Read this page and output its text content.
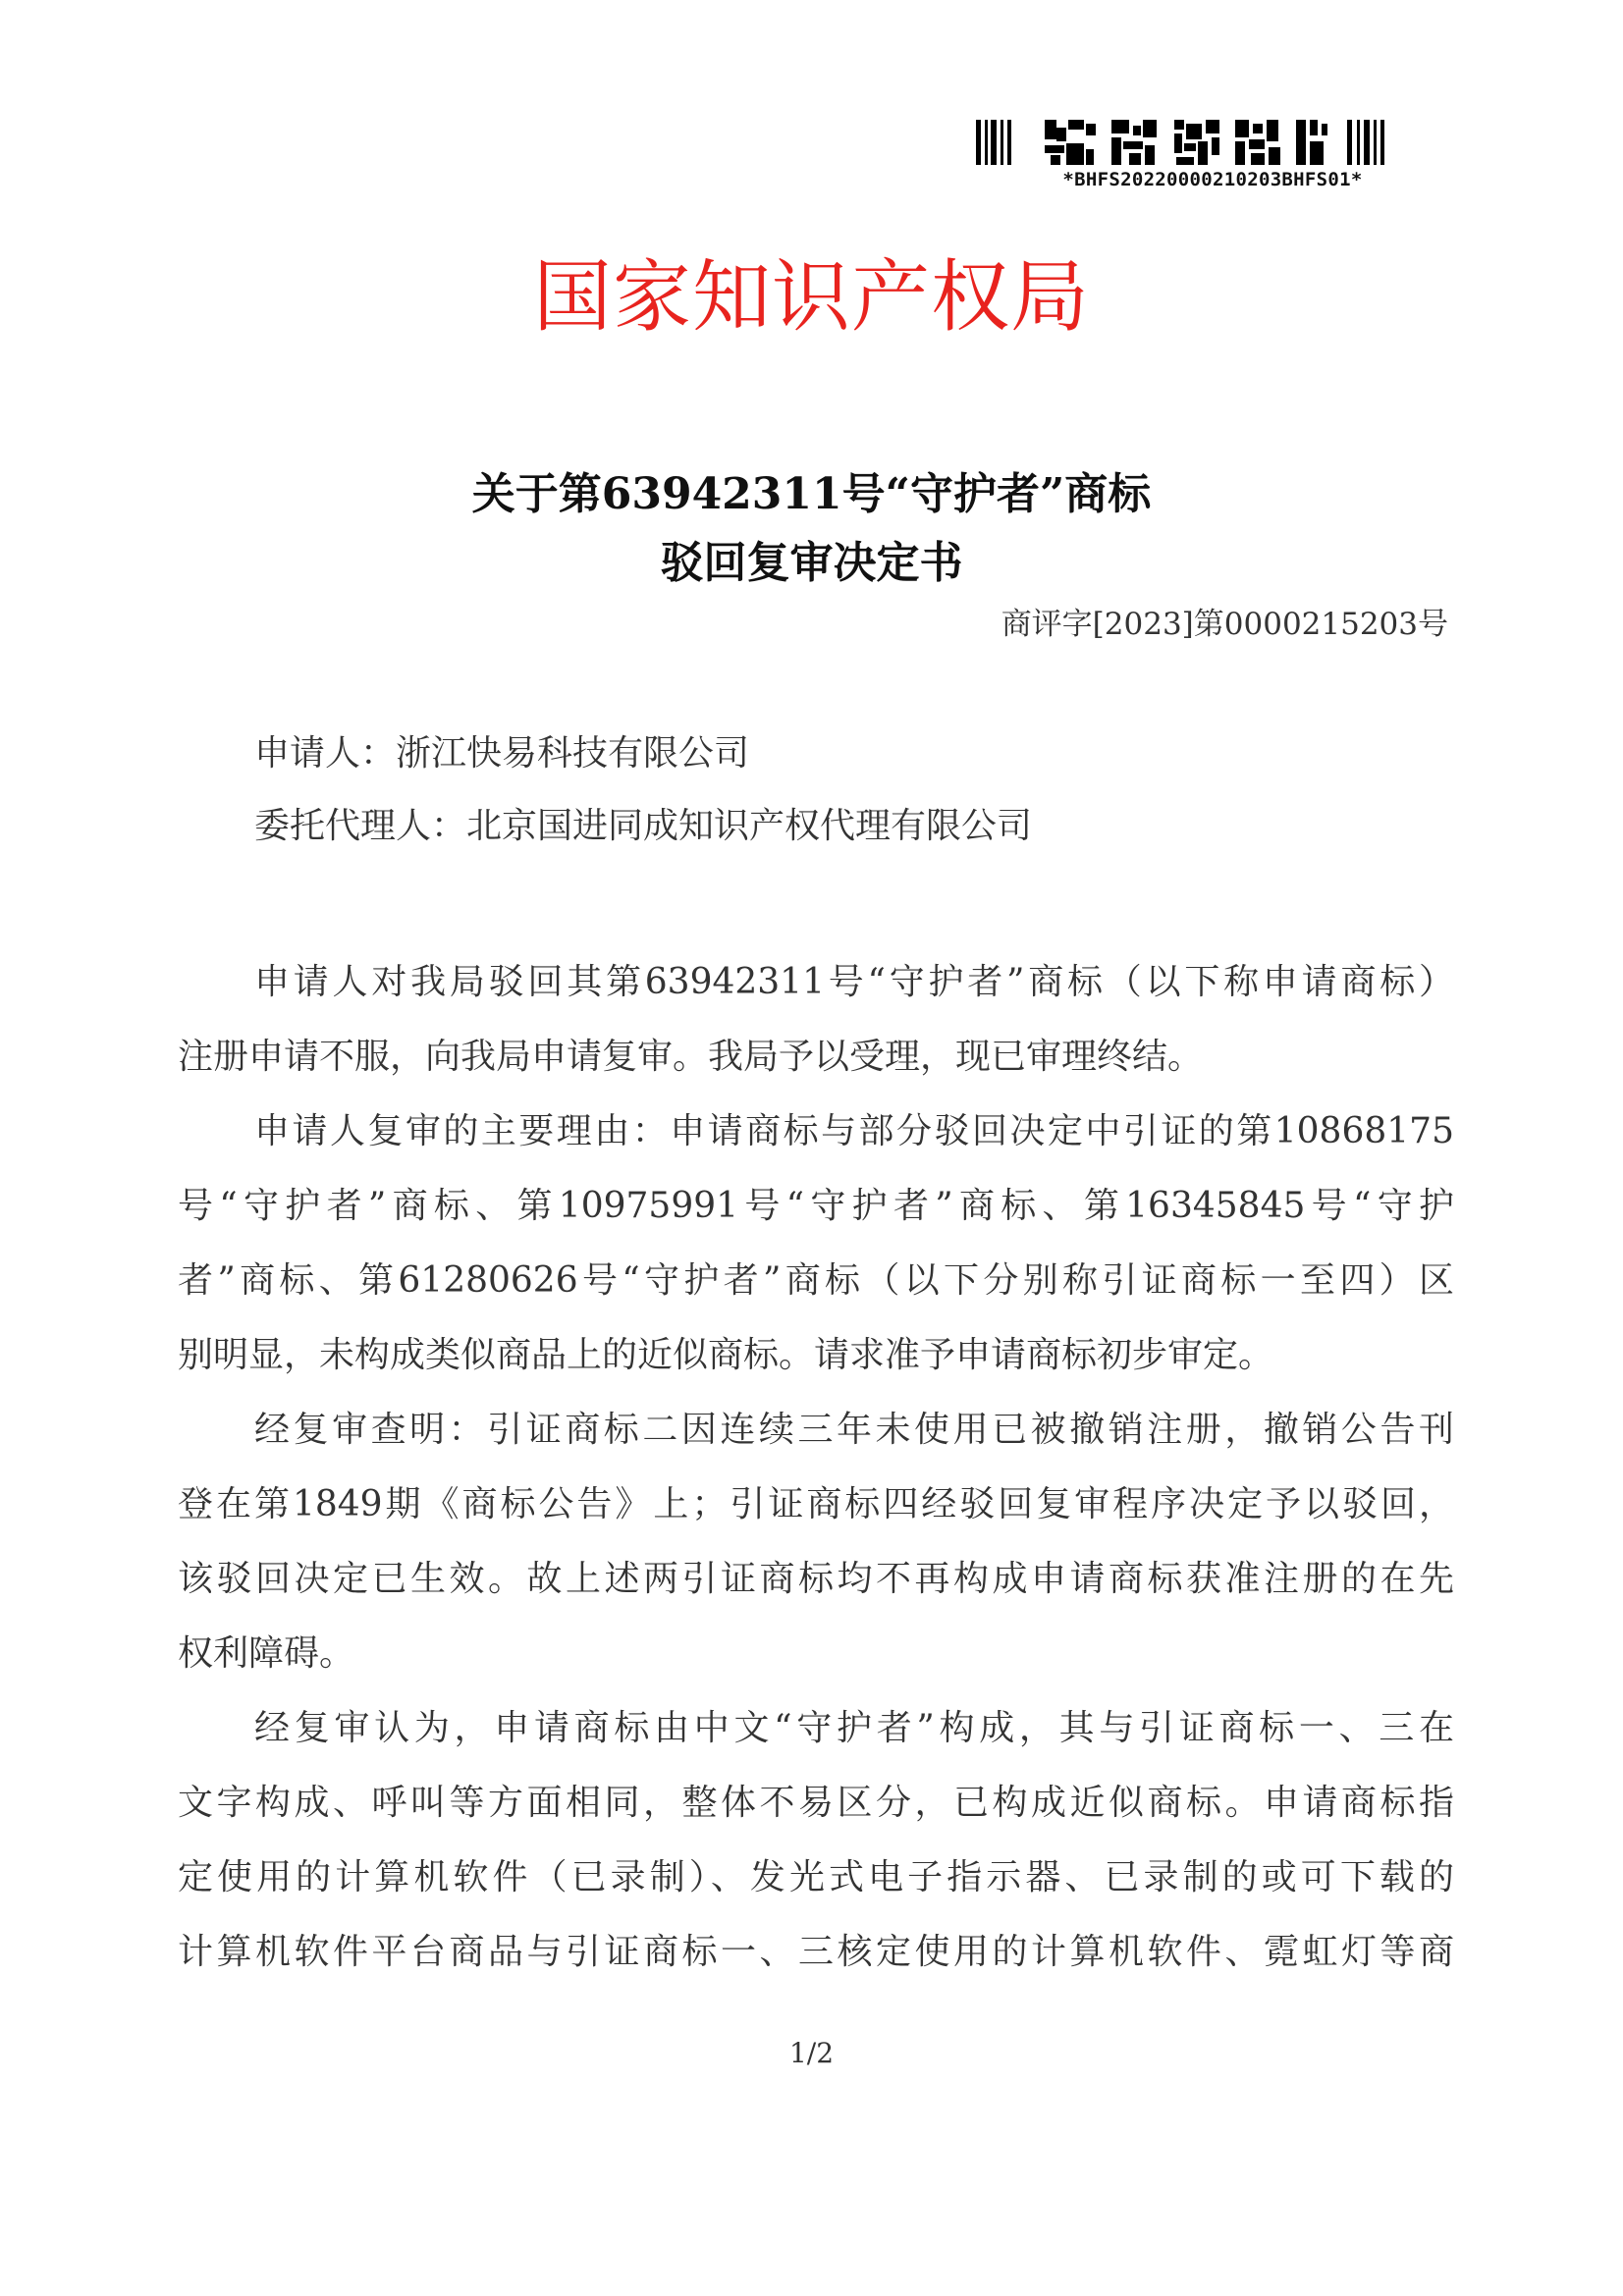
*BHFS20220000210203BHFS01*
国家知识产权局
关于第63942311号“守护者”商标
驳回复审决定书
商评字[2023]第0000215203号
申请人：浙江快易科技有限公司
委托代理人：北京国进同成知识产权代理有限公司
申请人对我局驳回其第63942311号“守护者”商标（以下称申请商标）
注册申请不服，向我局申请复审。我局予以受理，现已审理终结。
申请人复审的主要理由：申请商标与部分驳回决定中引证的第10868175
号“守护者”商标、第10975991号“守护者”商标、第16345845号“守护
者”商标、第61280626号“守护者”商标（以下分别称引证商标一至四）区
别明显，未构成类似商品上的近似商标。请求准予申请商标初步审定。
经复审查明：引证商标二因连续三年未使用已被撤销注册，撤销公告刊
登在第1849期《商标公告》上；引证商标四经驳回复审程序决定予以驳回，
该驳回决定已生效。故上述两引证商标均不再构成申请商标获准注册的在先
权利障碍。
经复审认为，申请商标由中文“守护者”构成，其与引证商标一、三在
文字构成、呼叫等方面相同，整体不易区分，已构成近似商标。申请商标指
定使用的计算机软件（已录制）、发光式电子指示器、已录制的或可下载的
计算机软件平台商品与引证商标一、三核定使用的计算机软件、霓虹灯等商
1/2
